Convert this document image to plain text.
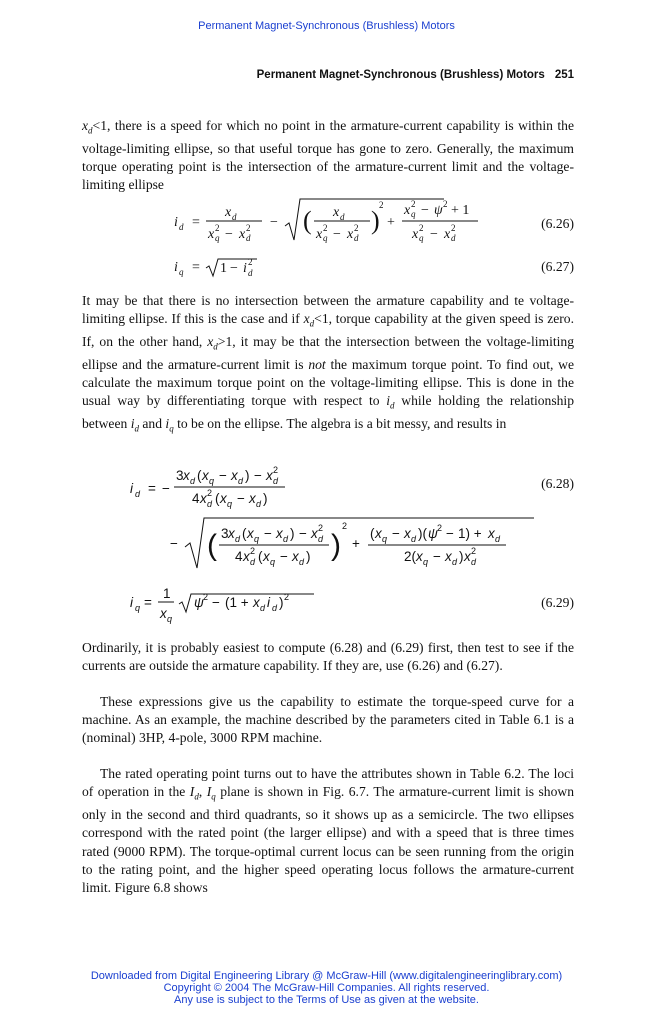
Permanent Magnet-Synchronous (Brushless) Motors
Permanent Magnet-Synchronous (Brushless) Motors 251
$x_d<1$, there is a speed for which no point in the armature-current capability is within the voltage-limiting ellipse, so that useful torque has gone to zero. Generally, the maximum torque operating point is the intersection of the armature-current limit and the voltage-limiting ellipse
i d =
x d
x 2
q − x 2
d
− ( x d
x 2
q − x 2
d
)
2
+
x 2
q − ψ 2 + 1
x 2
q − x 2
d
(6.26)
i q = 1 − i 2
d	(6.27)
It may be that there is no intersection between the armature capability and te voltage-limiting ellipse. If this is the case and if $x_d<1$, torque capability at the given speed is zero. If, on the other hand, $x_d>1$, it may be that the intersection between the voltage-limiting ellipse and the armature-current limit is not the maximum torque point. To find out, we calculate the maximum torque point on the voltage-limiting ellipse. This is done in the usual way by differentiating torque with respect to $i_d$ while holding the relationship between $i_d$ and $i_q$ to be on the ellipse. The algebra is a bit messy, and results in
i d = −
3 x d ( x q − x d ) − x 2
d
4 x 2
d ( x q − x d )
− ( 3 x d ( x q − x d ) − x 2
d
4 x 2
d ( x q − x d ) )
2
+
( x q − x d )( ψ 2 − 1) + x d
2( x q − x d ) x 2
d
(6.28)
i q =
1
x q
ψ 2 − (1 + x d i d ) 2	(6.29)
Ordinarily, it is probably easiest to compute (6.28) and (6.29) first, then test to see if the currents are outside the armature capability. If they are, use (6.26) and (6.27).
These expressions give us the capability to estimate the torque-speed curve for a machine. As an example, the machine described by the parameters cited in Table 6.1 is a (nominal) 3HP, 4-pole, 3000 RPM machine.
The rated operating point turns out to have the attributes shown in Table 6.2. The loci of operation in the $I_d$, $I_q$ plane is shown in Fig. 6.7. The armature-current limit is shown only in the second and third quadrants, so it shows up as a semicircle. The two ellipses correspond with the rated point (the larger ellipse) and with a speed that is three times rated (9000 RPM). The torque-optimal current locus can be seen running from the origin to the rating point, and the higher speed operating locus follows the armature-current limit. Figure 6.8 shows
Downloaded from Digital Engineering Library @ McGraw-Hill (www.digitalengineeringlibrary.com)
Copyright © 2004 The McGraw-Hill Companies. All rights reserved.
Any use is subject to the Terms of Use as given at the website.
